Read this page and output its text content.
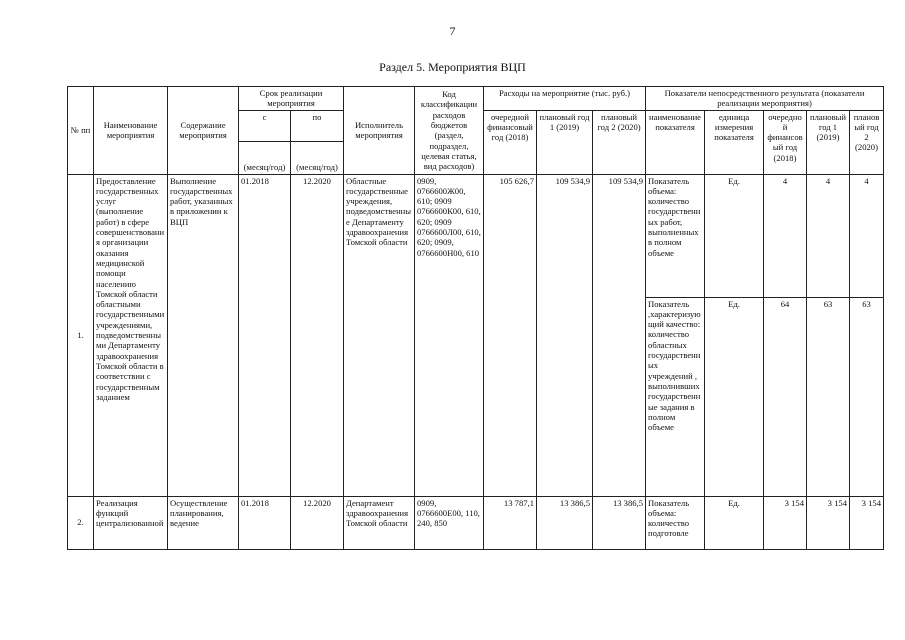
7
Раздел 5. Мероприятия ВЦП
№ пп	Наименование мероприятия	Содержание мероприятия	Срок реализации мероприятия		Исполнитель мероприятия	Код классификации расходов бюджетов (раздел, подраздел, целевая статья, вид расходов)	Расходы на мероприятие (тыс. руб.)			Показатели непосредственного результата (показатели реализации мероприятия)				
			с	по			очередной финансовый год (2018)	плановый год 1 (2019)	плановый год 2 (2020)	наименование показателя	единица измерения показателя	очередной финансовый год (2018)	плановый год 1 (2019)	плановый год 2 (2020)
			(месяц/год)	(месяц/год)										
1.	Предоставление государственных услуг (выполнение работ) в сфере совершенствования организации оказания медицинской помощи населению Томской области областными государственными учреждениями, подведомственными Департаменту здравоохранения Томской области в соответствии с государственным заданием	Выполнение государственных работ, указанных в приложении к ВЦП	01.2018	12.2020	Областные государственные учреждения, подведомственные Департаменту здравоохранения Томской области	0909, 0766600Ж00, 610; 0909 0766600К00, 610, 620; 0909 0766600Л00, 610, 620; 0909, 0766600Н00, 610	105 626,7	109 534,9	109 534,9	Показатель объема: количество государственных работ, выполненных в полном объеме	Ед.	4	4	4
										Показатель ,характеризующий качество: количество областных государственных учреждений , выполнивших государственные задания в полном объеме	Ед.	64	63	63
2.	Реализация функций централизованной	Осуществление планирования, ведение	01.2018	12.2020	Департамент здравоохранения Томской области	0909, 0766600Е00, 110, 240, 850	13 787,1	13 386,5	13 386,5	Показатель объема: количество подготовле	Ед.	3 154	3 154	3 154
